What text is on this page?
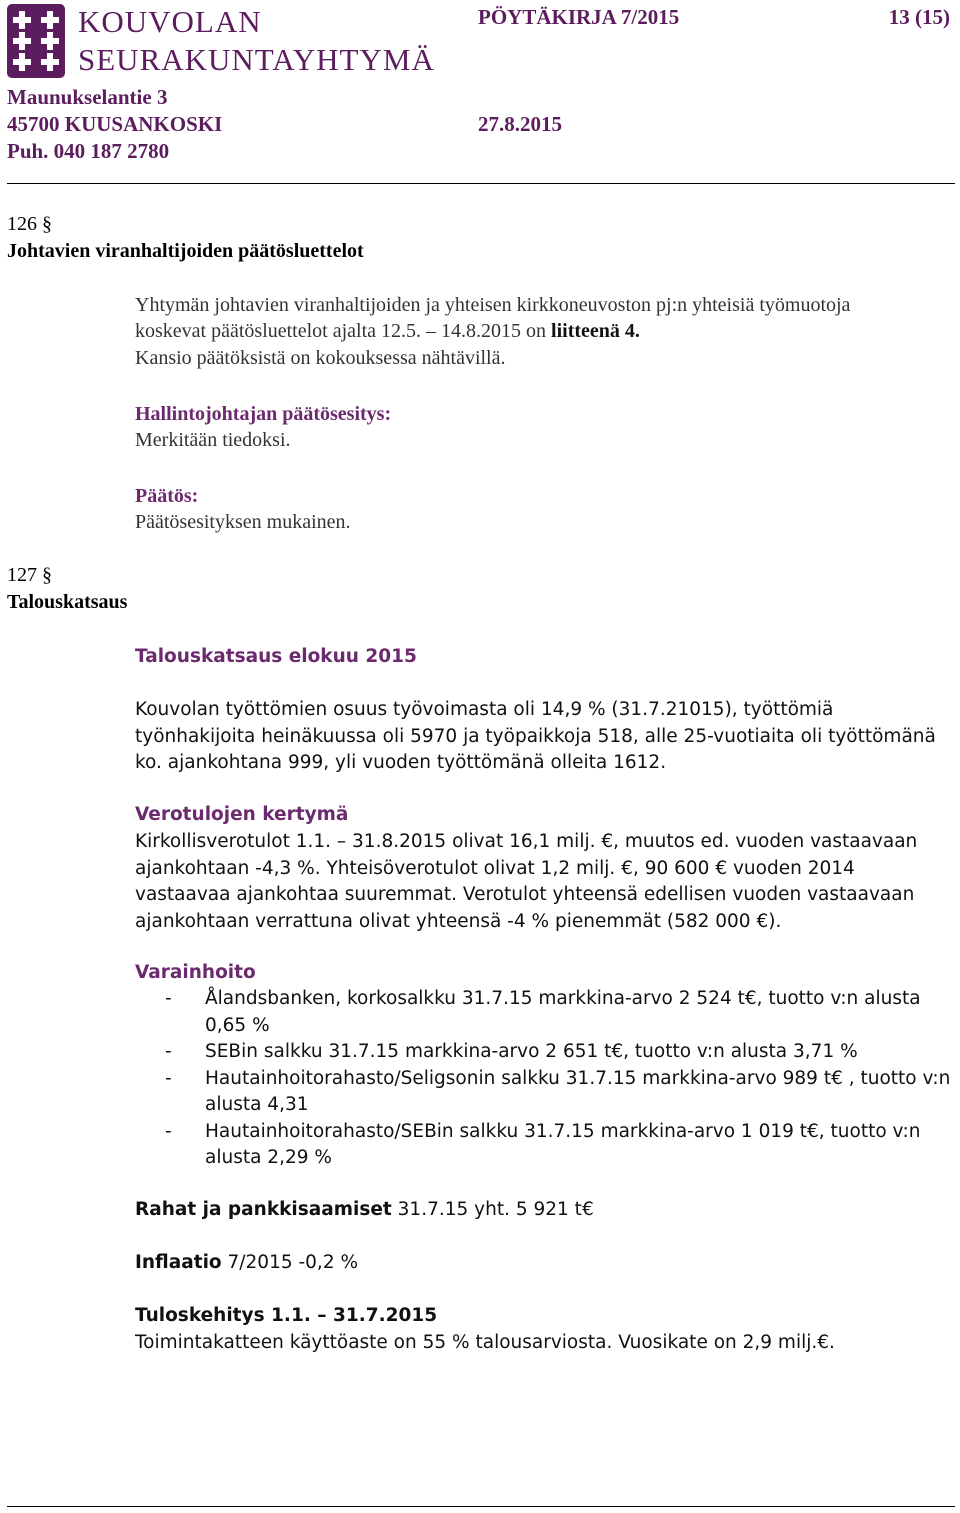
KOUVOLAN
SEURAKUNTAYHTYMÄ
PÖYTÄKIRJA 7/2015	13 (15)
Maunukselantie 3
45700 KUUSANKOSKI	27.8.2015
Puh. 040 187 2780
126 §
Johtavien viranhaltijoiden päätösluettelot
Yhtymän johtavien viranhaltijoiden ja yhteisen kirkkoneuvoston pj:n yhteisiä työmuotoja koskevat päätösluettelot ajalta 12.5. – 14.8.2015 on liitteenä 4.
Kansio päätöksistä on kokouksessa nähtävillä.
Hallintojohtajan päätösesitys:
Merkitään tiedoksi.
Päätös:
Päätösesityksen mukainen.
127 §
Talouskatsaus
Talouskatsaus elokuu 2015
Kouvolan työttömien osuus työvoimasta oli 14,9 % (31.7.21015), työttömiä työnhakijoita heinäkuussa oli 5970 ja työpaikkoja 518, alle 25-vuotiaita oli työttömänä ko. ajankohtana 999, yli vuoden työttömänä olleita 1612.
Verotulojen kertymä
Kirkollisverotulot 1.1. – 31.8.2015 olivat 16,1 milj. €, muutos ed. vuoden vastaavaan ajankohtaan -4,3 %. Yhteisöverotulot olivat 1,2 milj. €, 90 600 € vuoden 2014 vastaavaa ajankohtaa suuremmat. Verotulot yhteensä edellisen vuoden vastaavaan ajankohtaan verrattuna olivat yhteensä -4 % pienemmät (582 000 €).
Varainhoito
- Ålandsbanken, korkosalkku 31.7.15 markkina-arvo 2 524 t€, tuotto v:n alusta 0,65 %
- SEBin salkku 31.7.15 markkina-arvo 2 651 t€, tuotto v:n alusta 3,71 %
- Hautainhoitorahasto/Seligsonin salkku 31.7.15 markkina-arvo 989 t€ , tuotto v:n alusta 4,31
- Hautainhoitorahasto/SEBin salkku 31.7.15 markkina-arvo 1 019 t€, tuotto v:n alusta 2,29 %
Rahat ja pankkisaamiset 31.7.15 yht. 5 921 t€
Inflaatio 7/2015 -0,2 %
Tuloskehitys 1.1. – 31.7.2015
Toimintakatteen käyttöaste on 55 % talousarviosta. Vuosikate on 2,9 milj.€.
